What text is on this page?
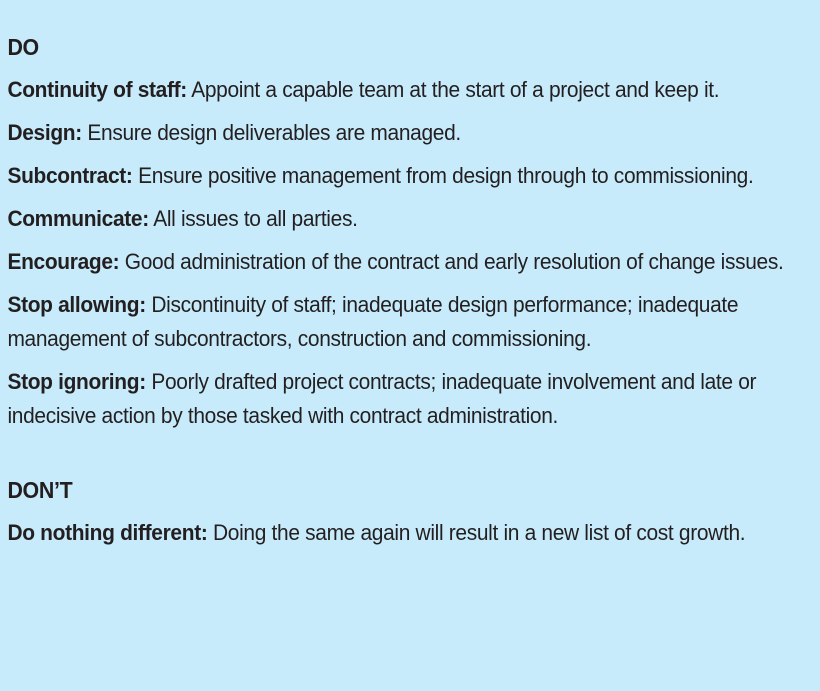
DO
Continuity of staff: Appoint a capable team at the start of a project and keep it.
Design: Ensure design deliverables are managed.
Subcontract: Ensure positive management from design through to commissioning.
Communicate: All issues to all parties.
Encourage: Good administration of the contract and early resolution of change issues.
Stop allowing: Discontinuity of staff; inadequate design performance; inadequate management of subcontractors, construction and commissioning.
Stop ignoring: Poorly drafted project contracts; inadequate involvement and late or indecisive action by those tasked with contract administration.
DON’T
Do nothing different: Doing the same again will result in a new list of cost growth.
